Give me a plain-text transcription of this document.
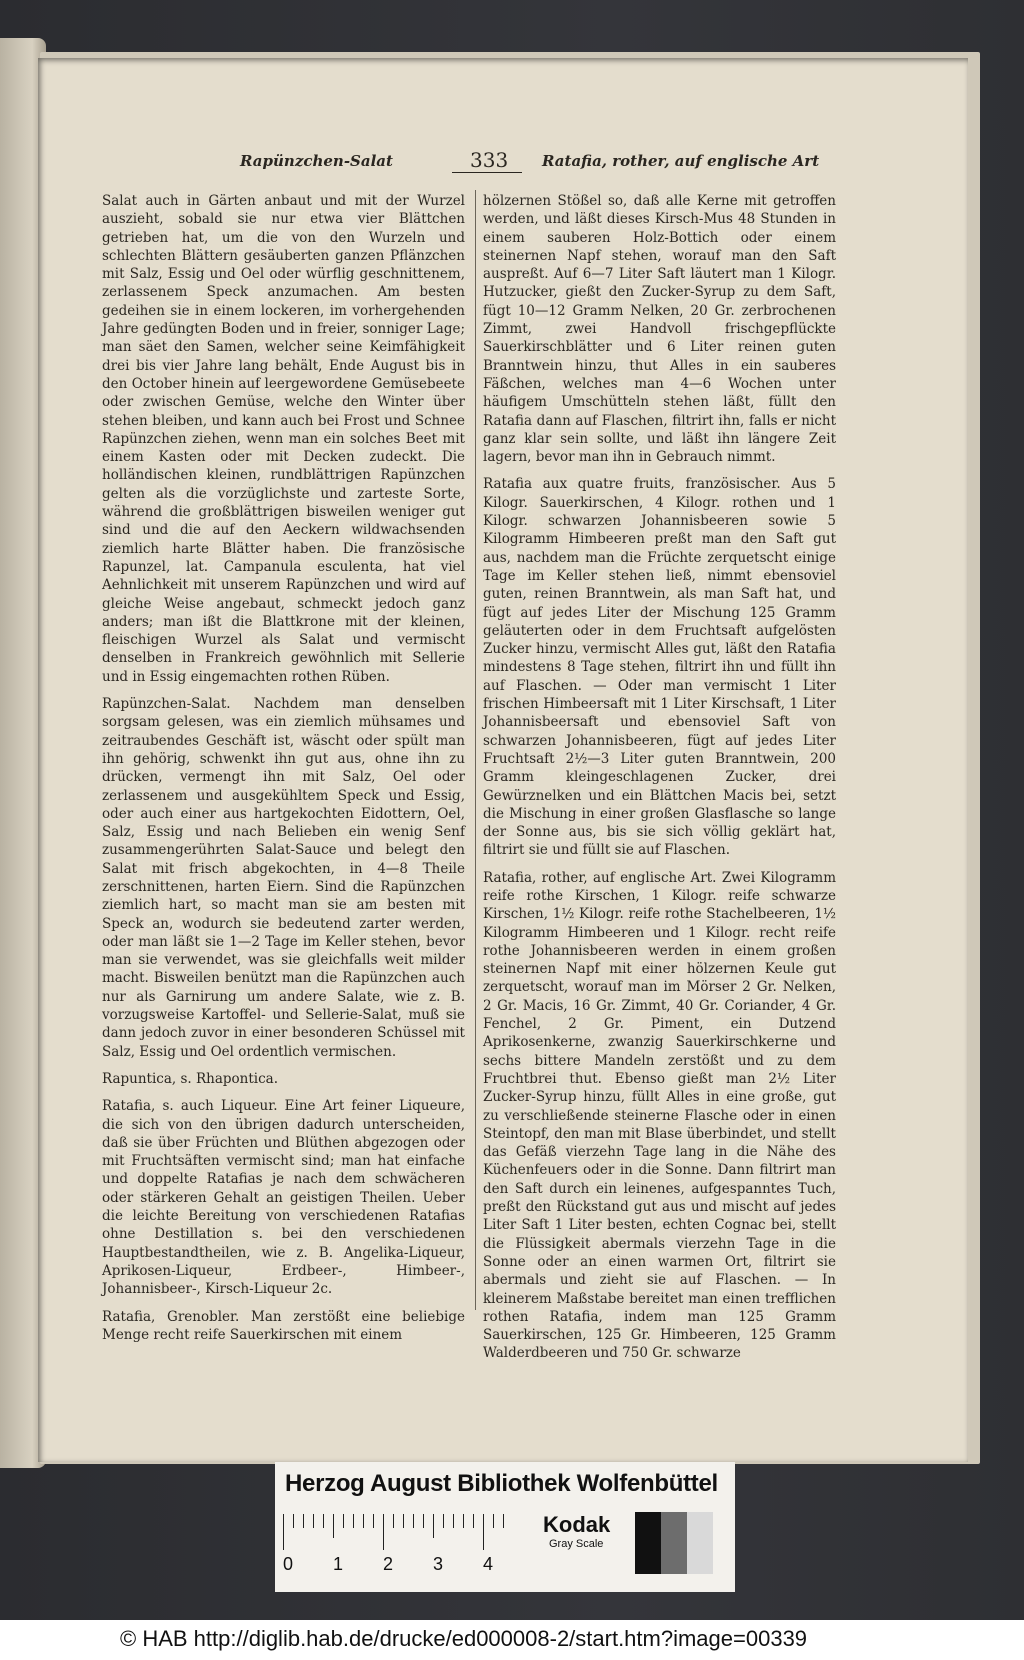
Rapünzchen-Salat	333 Ratafia, rother, auf englische Art

Salat auch in Gärten anbaut und mit der Wurzel auszieht, sobald sie nur etwa vier Blättchen getrieben hat, um die von den Wurzeln und schlechten Blättern gesäuberten ganzen Pflänzchen mit Salz, Essig und Oel oder würflig geschnittenem, zerlassenem Speck anzumachen. Am besten gedeihen sie in einem lockeren, im vorhergehenden Jahre gedüngten Boden und in freier, sonniger Lage; man säet den Samen, welcher seine Keimfähigkeit drei bis vier Jahre lang behält, Ende August bis in den October hinein auf leergewordene Gemüsebeete oder zwischen Gemüse, welche den Winter über stehen bleiben, und kann auch bei Frost und Schnee Rapünzchen ziehen, wenn man ein solches Beet mit einem Kasten oder mit Decken zudeckt. Die holländischen kleinen, rundblättrigen Rapünzchen gelten als die vorzüglichste und zarteste Sorte, während die großblättrigen bisweilen weniger gut sind und die auf den Aeckern wildwachsenden ziemlich harte Blätter haben. Die französische Rapunzel, lat. Campanula esculenta, hat viel Aehnlichkeit mit unserem Rapünzchen und wird auf gleiche Weise angebaut, schmeckt jedoch ganz anders; man ißt die Blattkrone mit der kleinen, fleischigen Wurzel als Salat und vermischt denselben in Frankreich gewöhnlich mit Sellerie und in Essig eingemachten rothen Rüben.

Rapünzchen-Salat. Nachdem man denselben sorgsam gelesen, was ein ziemlich mühsames und zeitraubendes Geschäft ist, wäscht oder spült man ihn gehörig, schwenkt ihn gut aus, ohne ihn zu drücken, vermengt ihn mit Salz, Oel oder zerlassenem und ausgekühltem Speck und Essig, oder auch einer aus hartgekochten Eidottern, Oel, Salz, Essig und nach Belieben ein wenig Senf zusammengerührten Salat-Sauce und belegt den Salat mit frisch abgekochten, in 4—8 Theile zerschnittenen, harten Eiern. Sind die Rapünzchen ziemlich hart, so macht man sie am besten mit Speck an, wodurch sie bedeutend zarter werden, oder man läßt sie 1—2 Tage im Keller stehen, bevor man sie verwendet, was sie gleichfalls weit milder macht. Bisweilen benützt man die Rapünzchen auch nur als Garnirung um andere Salate, wie z. B. vorzugsweise Kartoffel- und Sellerie-Salat, muß sie dann jedoch zuvor in einer besonderen Schüssel mit Salz, Essig und Oel ordentlich vermischen.

Rapuntica, s. Rhapontica.

Ratafia, s. auch Liqueur. Eine Art feiner Liqueure, die sich von den übrigen dadurch unterscheiden, daß sie über Früchten und Blüthen abgezogen oder mit Fruchtsäften vermischt sind; man hat einfache und doppelte Ratafias je nach dem schwächeren oder stärkeren Gehalt an geistigen Theilen. Ueber die leichte Bereitung von verschiedenen Ratafias ohne Destillation s. bei den verschiedenen Hauptbestandtheilen, wie z. B. Angelika-Liqueur, Aprikosen-Liqueur, Erdbeer-, Himbeer-, Johannisbeer-, Kirsch-Liqueur 2c.

Ratafia, Grenobler. Man zerstößt eine beliebige Menge recht reife Sauerkirschen mit einem

hölzernen Stößel so, daß alle Kerne mit getroffen werden, und läßt dieses Kirsch-Mus 48 Stunden in einem sauberen Holz-Bottich oder einem steinernen Napf stehen, worauf man den Saft auspreßt. Auf 6—7 Liter Saft läutert man 1 Kilogr. Hutzucker, gießt den Zucker-Syrup zu dem Saft, fügt 10—12 Gramm Nelken, 20 Gr. zerbrochenen Zimmt, zwei Handvoll frischgepflückte Sauerkirschblätter und 6 Liter reinen guten Branntwein hinzu, thut Alles in ein sauberes Fäßchen, welches man 4—6 Wochen unter häufigem Umschütteln stehen läßt, füllt den Ratafia dann auf Flaschen, filtrirt ihn, falls er nicht ganz klar sein sollte, und läßt ihn längere Zeit lagern, bevor man ihn in Gebrauch nimmt.

Ratafia aux quatre fruits, französischer. Aus 5 Kilogr. Sauerkirschen, 4 Kilogr. rothen und 1 Kilogr. schwarzen Johannisbeeren sowie 5 Kilogramm Himbeeren preßt man den Saft gut aus, nachdem man die Früchte zerquetscht einige Tage im Keller stehen ließ, nimmt ebensoviel guten, reinen Branntwein, als man Saft hat, und fügt auf jedes Liter der Mischung 125 Gramm geläuterten oder in dem Fruchtsaft aufgelösten Zucker hinzu, vermischt Alles gut, läßt den Ratafia mindestens 8 Tage stehen, filtrirt ihn und füllt ihn auf Flaschen. — Oder man vermischt 1 Liter frischen Himbeersaft mit 1 Liter Kirschsaft, 1 Liter Johannisbeersaft und ebensoviel Saft von schwarzen Johannisbeeren, fügt auf jedes Liter Fruchtsaft 2½—3 Liter guten Branntwein, 200 Gramm kleingeschlagenen Zucker, drei Gewürznelken und ein Blättchen Macis bei, setzt die Mischung in einer großen Glasflasche so lange der Sonne aus, bis sie sich völlig geklärt hat, filtrirt sie und füllt sie auf Flaschen.

Ratafia, rother, auf englische Art. Zwei Kilogramm reife rothe Kirschen, 1 Kilogr. reife schwarze Kirschen, 1½ Kilogr. reife rothe Stachelbeeren, 1½ Kilogramm Himbeeren und 1 Kilogr. recht reife rothe Johannisbeeren werden in einem großen steinernen Napf mit einer hölzernen Keule gut zerquetscht, worauf man im Mörser 2 Gr. Nelken, 2 Gr. Macis, 16 Gr. Zimmt, 40 Gr. Coriander, 4 Gr. Fenchel, 2 Gr. Piment, ein Dutzend Aprikosenkerne, zwanzig Sauerkirschkerne und sechs bittere Mandeln zerstößt und zu dem Fruchtbrei thut. Ebenso gießt man 2½ Liter Zucker-Syrup hinzu, füllt Alles in eine große, gut zu verschließende steinerne Flasche oder in einen Steintopf, den man mit Blase überbindet, und stellt das Gefäß vierzehn Tage lang in die Nähe des Küchenfeuers oder in die Sonne. Dann filtrirt man den Saft durch ein leinenes, aufgespanntes Tuch, preßt den Rückstand gut aus und mischt auf jedes Liter Saft 1 Liter besten, echten Cognac bei, stellt die Flüssigkeit abermals vierzehn Tage in die Sonne oder an einen warmen Ort, filtrirt sie abermals und zieht sie auf Flaschen. — In kleinerem Maßstabe bereitet man einen trefflichen rothen Ratafia, indem man 125 Gramm Sauerkirschen, 125 Gr. Himbeeren, 125 Gramm Walderdbeeren und 750 Gr. schwarze

Herzog August Bibliothek Wolfenbüttel
0 1 2 3 4
Kodak
Gray Scale
© HAB http://diglib.hab.de/drucke/ed000008-2/start.htm?image=00339
